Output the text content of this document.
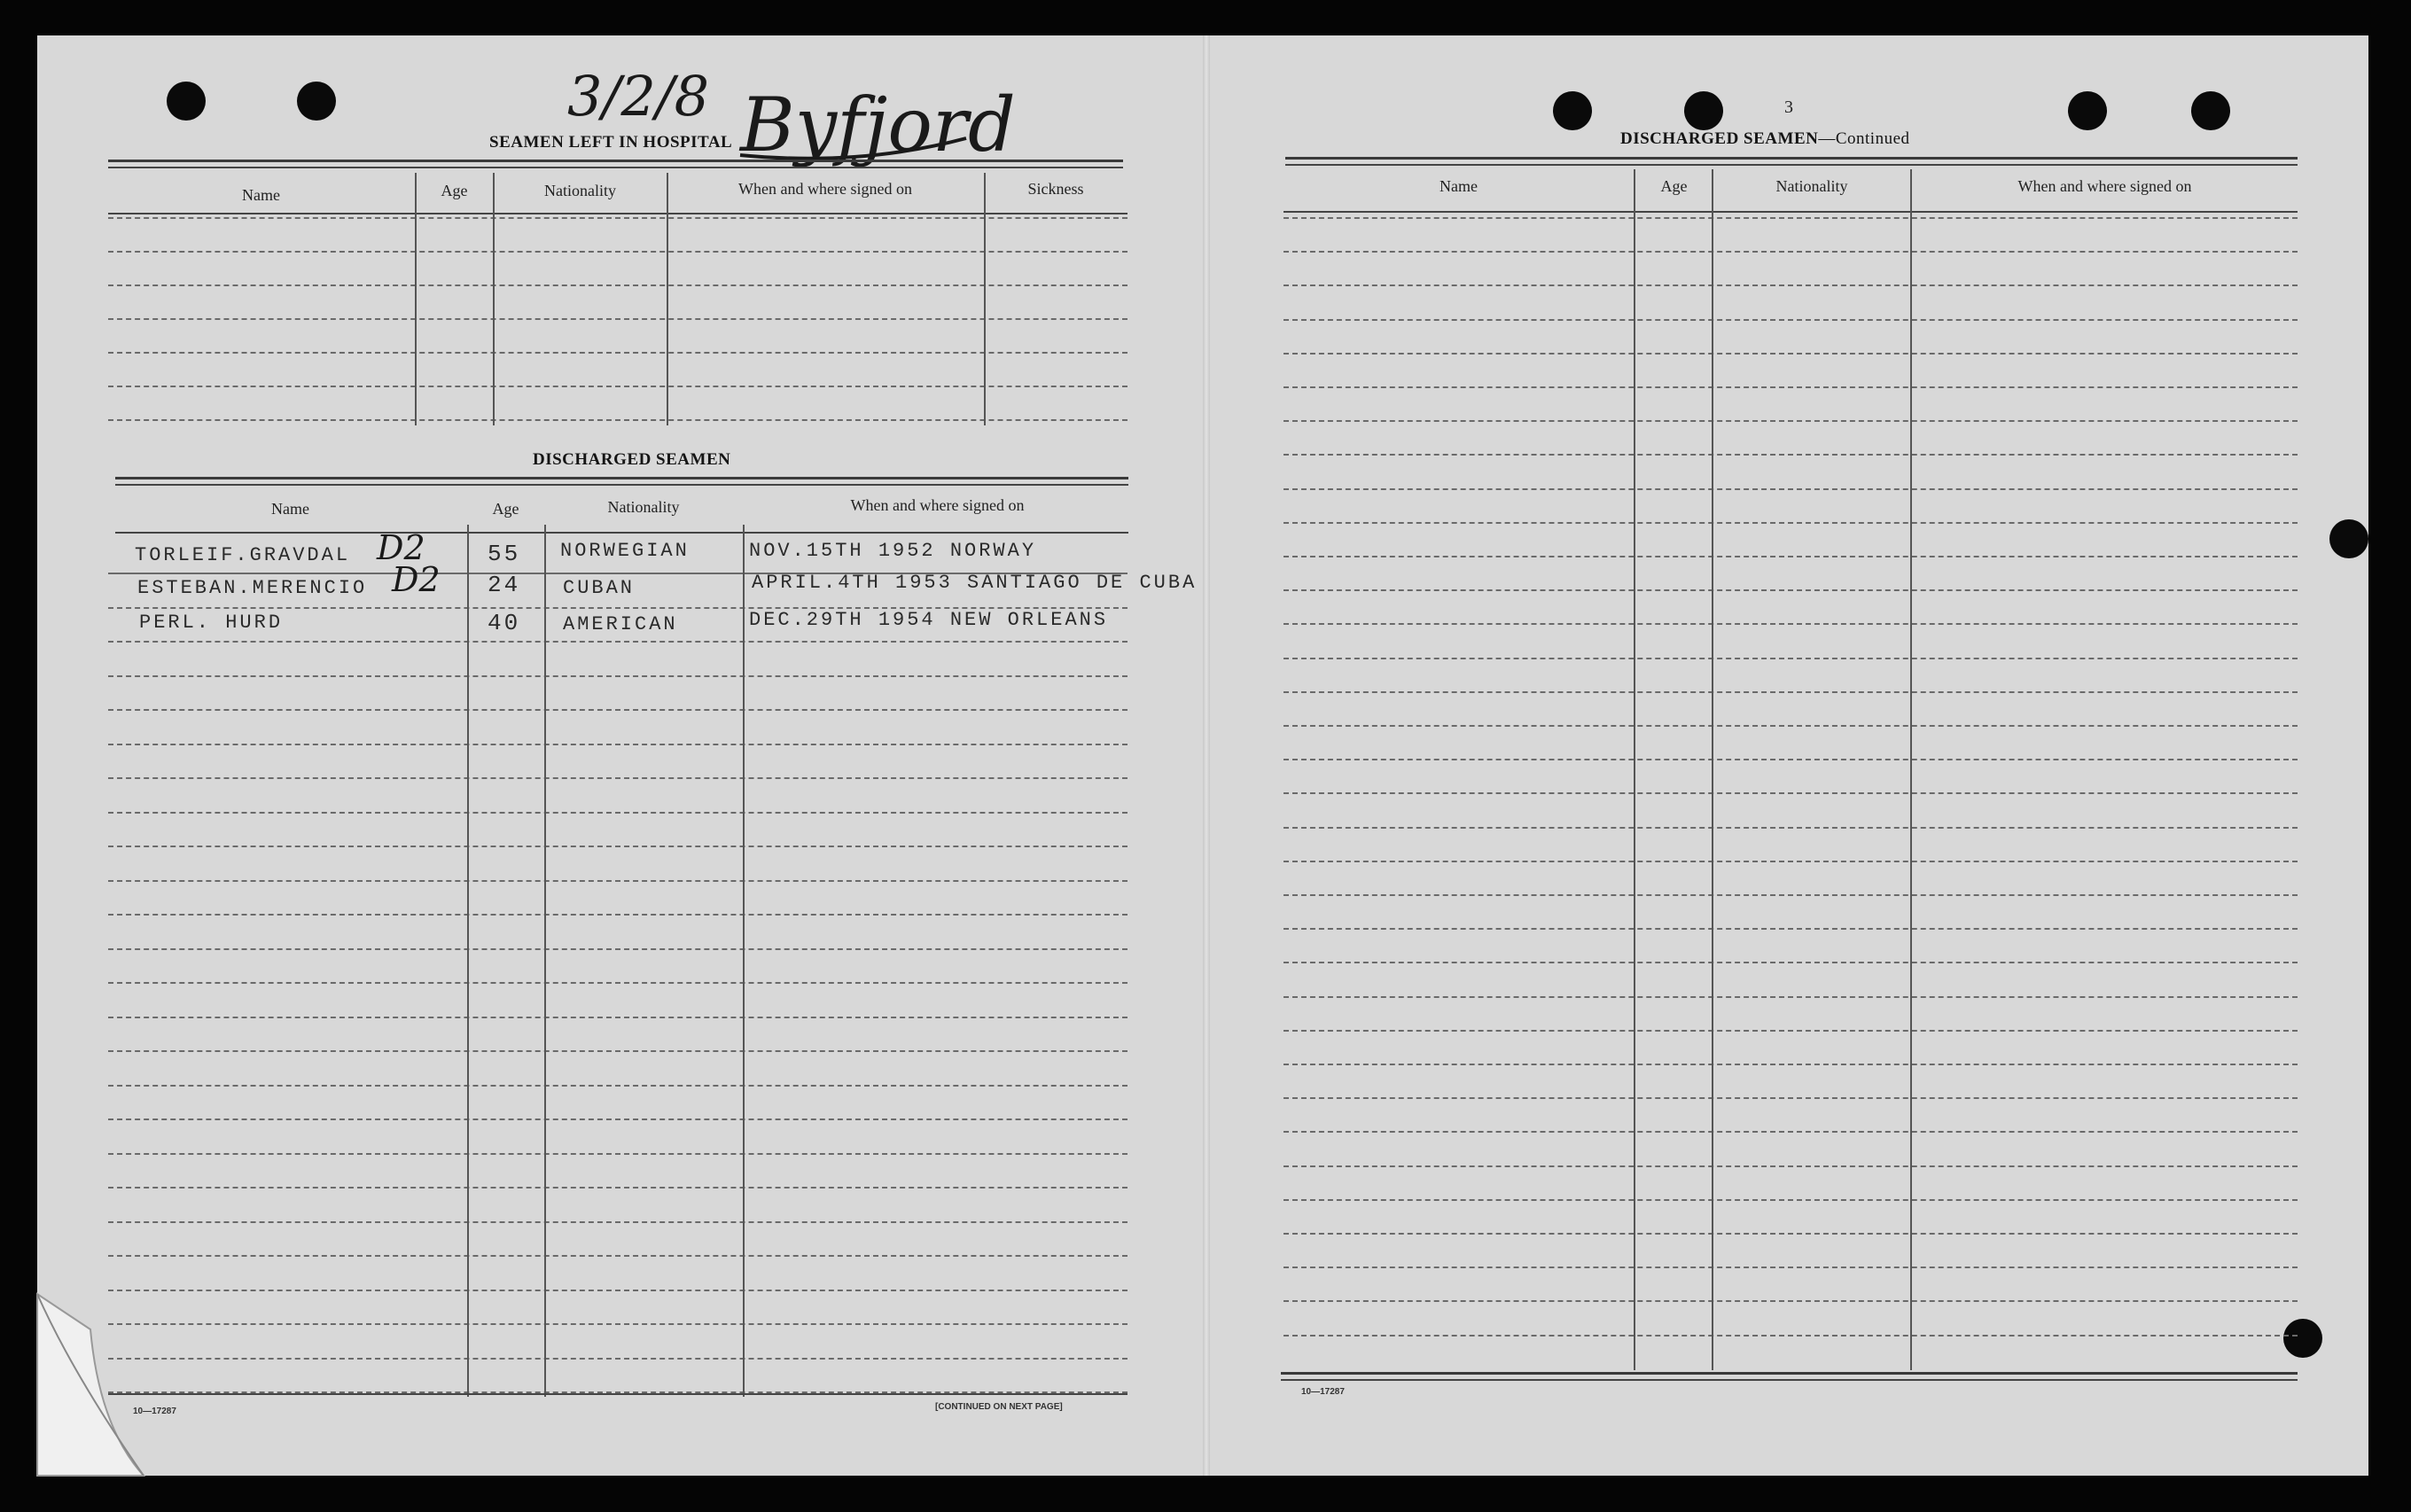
3/2/8 Byfjord
SEAMEN LEFT IN HOSPITAL
Name	Age	Nationality	When and where signed on	Sickness
DISCHARGED SEAMEN
Name	Age	Nationality	When and where signed on
TORLEIF.GRAVDAL D2	55 NORWEGIAN	NOV.15TH 1952 NORWAY
ESTEBAN.MERENCIO D2 24 CUBAN	APRIL.4TH 1953 SANTIAGO DE CUBA
PERL. HURD	40 AMERICAN	DEC.29TH 1954 NEW ORLEANS
10—17287	[CONTINUED ON NEXT PAGE]
3
DISCHARGED SEAMEN—Continued
Name	Age	Nationality	When and where signed on
10—17287
